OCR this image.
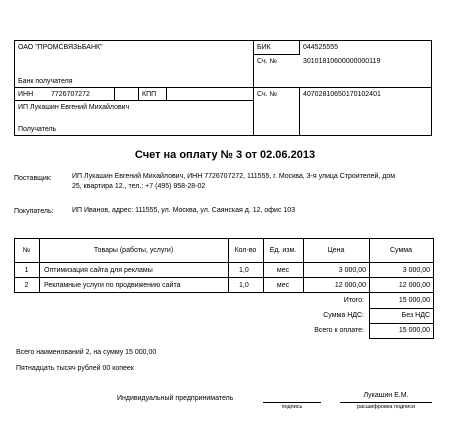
ОАО "ПРОМСВЯЗЬБАНК"
Банк получателя
БИК	044525555
Сч. №	30101810600000000119
ИНН	7726707272	КПП	Сч. №	40702810650170102401
ИП Лукашин Евгений Михайлович
Получатель
Счет на оплату № 3 от 02.06.2013
Поставщик:	ИП Лукашин Евгений Михайлович, ИНН 7726707272, 111555, г. Москва, 3-я улица Строителей, дом
25, квартира 12., тел.: +7 (495) 958-28-02
Покупатель:	ИП Иванов, адрес: 111555, ул. Москва, ул. Саянская д. 12, офис 103
№	Товары (работы, услуги)	Кол-во	Ед. изм.	Цена	Сумма
1	Оптимизация сайта для рекламы	1,0	мес	3 000,00	3 000,00
2	Рекламные услуги по продвижению сайта	1,0	мес	12 000,00	12 000,00
Итого:	15 000,00
Сумма НДС:	Без НДС
Всего к оплате:	15 000,00
Всего наименований 2, на сумму 15 000,00
Пятнадцать тысяч рублей 00 копеек
Индивидуальный предприниматель	Лукашин Е.М.
подпись	расшифровка подписи
